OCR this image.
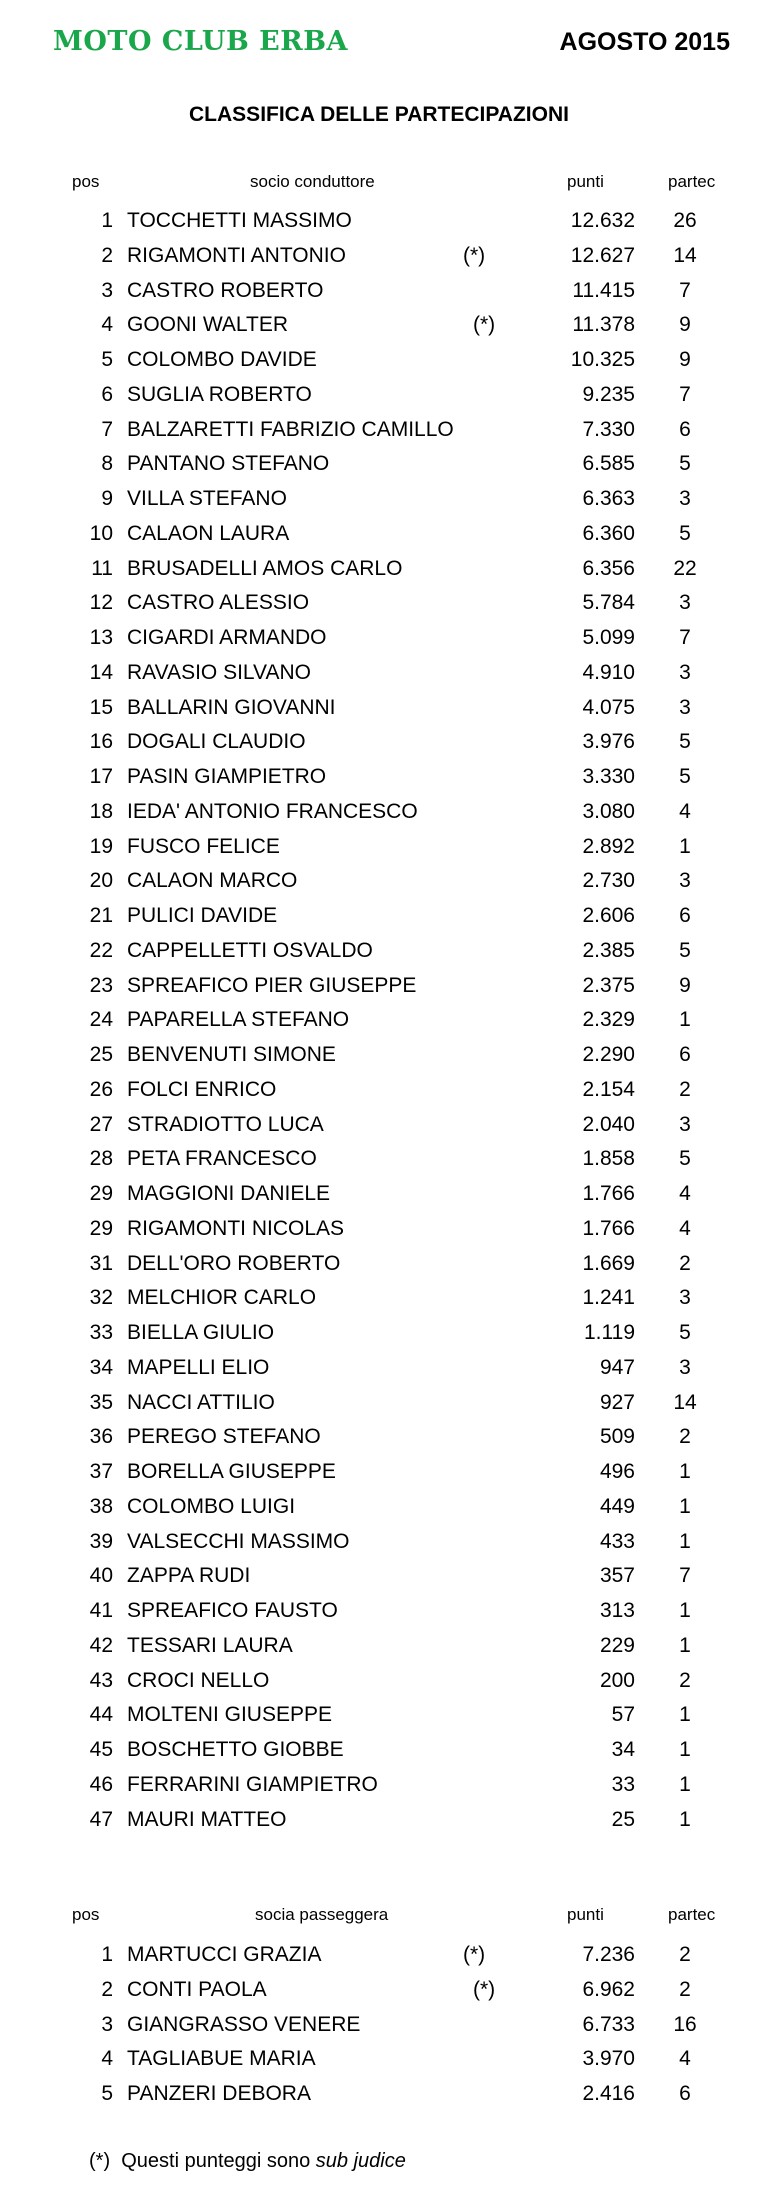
MOTO CLUB ERBA	AGOSTO 2015
CLASSIFICA DELLE PARTECIPAZIONI
pos	socio conduttore	punti	partec
1 TOCCHETTI MASSIMO	12.632	26
2 RIGAMONTI ANTONIO	(*)	12.627	14
3 CASTRO ROBERTO	11.415	7
4 GOONI WALTER	(*)	11.378	9
5 COLOMBO DAVIDE	10.325	9
6 SUGLIA ROBERTO	9.235	7
7 BALZARETTI FABRIZIO CAMILLO	7.330	6
8 PANTANO STEFANO	6.585	5
9 VILLA STEFANO	6.363	3
10 CALAON LAURA	6.360	5
11 BRUSADELLI AMOS CARLO	6.356	22
12 CASTRO ALESSIO	5.784	3
13 CIGARDI ARMANDO	5.099	7
14 RAVASIO SILVANO	4.910	3
15 BALLARIN GIOVANNI	4.075	3
16 DOGALI CLAUDIO	3.976	5
17 PASIN GIAMPIETRO	3.330	5
18 IEDA' ANTONIO FRANCESCO	3.080	4
19 FUSCO FELICE	2.892	1
20 CALAON MARCO	2.730	3
21 PULICI DAVIDE	2.606	6
22 CAPPELLETTI OSVALDO	2.385	5
23 SPREAFICO PIER GIUSEPPE	2.375	9
24 PAPARELLA STEFANO	2.329	1
25 BENVENUTI SIMONE	2.290	6
26 FOLCI ENRICO	2.154	2
27 STRADIOTTO LUCA	2.040	3
28 PETA FRANCESCO	1.858	5
29 MAGGIONI DANIELE	1.766	4
29 RIGAMONTI NICOLAS	1.766	4
31 DELL'ORO ROBERTO	1.669	2
32 MELCHIOR CARLO	1.241	3
33 BIELLA GIULIO	1.119	5
34 MAPELLI ELIO	947	3
35 NACCI ATTILIO	927	14
36 PEREGO STEFANO	509	2
37 BORELLA GIUSEPPE	496	1
38 COLOMBO LUIGI	449	1
39 VALSECCHI MASSIMO	433	1
40 ZAPPA RUDI	357	7
41 SPREAFICO FAUSTO	313	1
42 TESSARI LAURA	229	1
43 CROCI NELLO	200	2
44 MOLTENI GIUSEPPE	57	1
45 BOSCHETTO GIOBBE	34	1
46 FERRARINI GIAMPIETRO	33	1
47 MAURI MATTEO	25	1
pos	socia passeggera	punti	partec
1 MARTUCCI GRAZIA	(*)	7.236	2
2 CONTI PAOLA	(*)	6.962	2
3 GIANGRASSO VENERE	6.733	16
4 TAGLIABUE MARIA	3.970	4
5 PANZERI DEBORA	2.416	6
(*)  Questi punteggi sono sub judice
